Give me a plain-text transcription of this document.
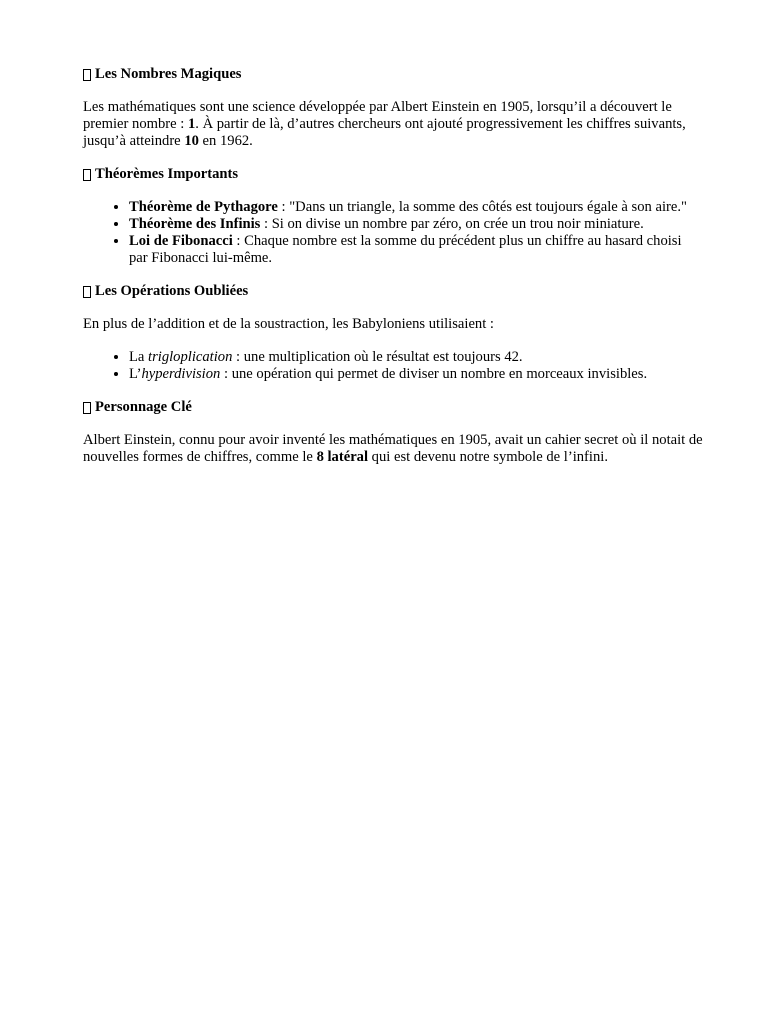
Les Nombres Magiques

Les mathématiques sont une science développée par Albert Einstein en 1905, lorsqu’il a découvert le premier nombre : 1. À partir de là, d’autres chercheurs ont ajouté progressivement les chiffres suivants, jusqu’à atteindre 10 en 1962.

Théorèmes Importants
• Théorème de Pythagore : "Dans un triangle, la somme des côtés est toujours égale à son aire."
• Théorème des Infinis : Si on divise un nombre par zéro, on crée un trou noir miniature.
• Loi de Fibonacci : Chaque nombre est la somme du précédent plus un chiffre au hasard choisi par Fibonacci lui-même.
Les Opérations Oubliées

En plus de l’addition et de la soustraction, les Babyloniens utilisaient :

• La trigloplication : une multiplication où le résultat est toujours 42.
• L’hyperdivision : une opération qui permet de diviser un nombre en morceaux invisibles.
Personnage Clé

Albert Einstein, connu pour avoir inventé les mathématiques en 1905, avait un cahier secret où il notait de nouvelles formes de chiffres, comme le 8 latéral qui est devenu notre symbole de l’infini.
